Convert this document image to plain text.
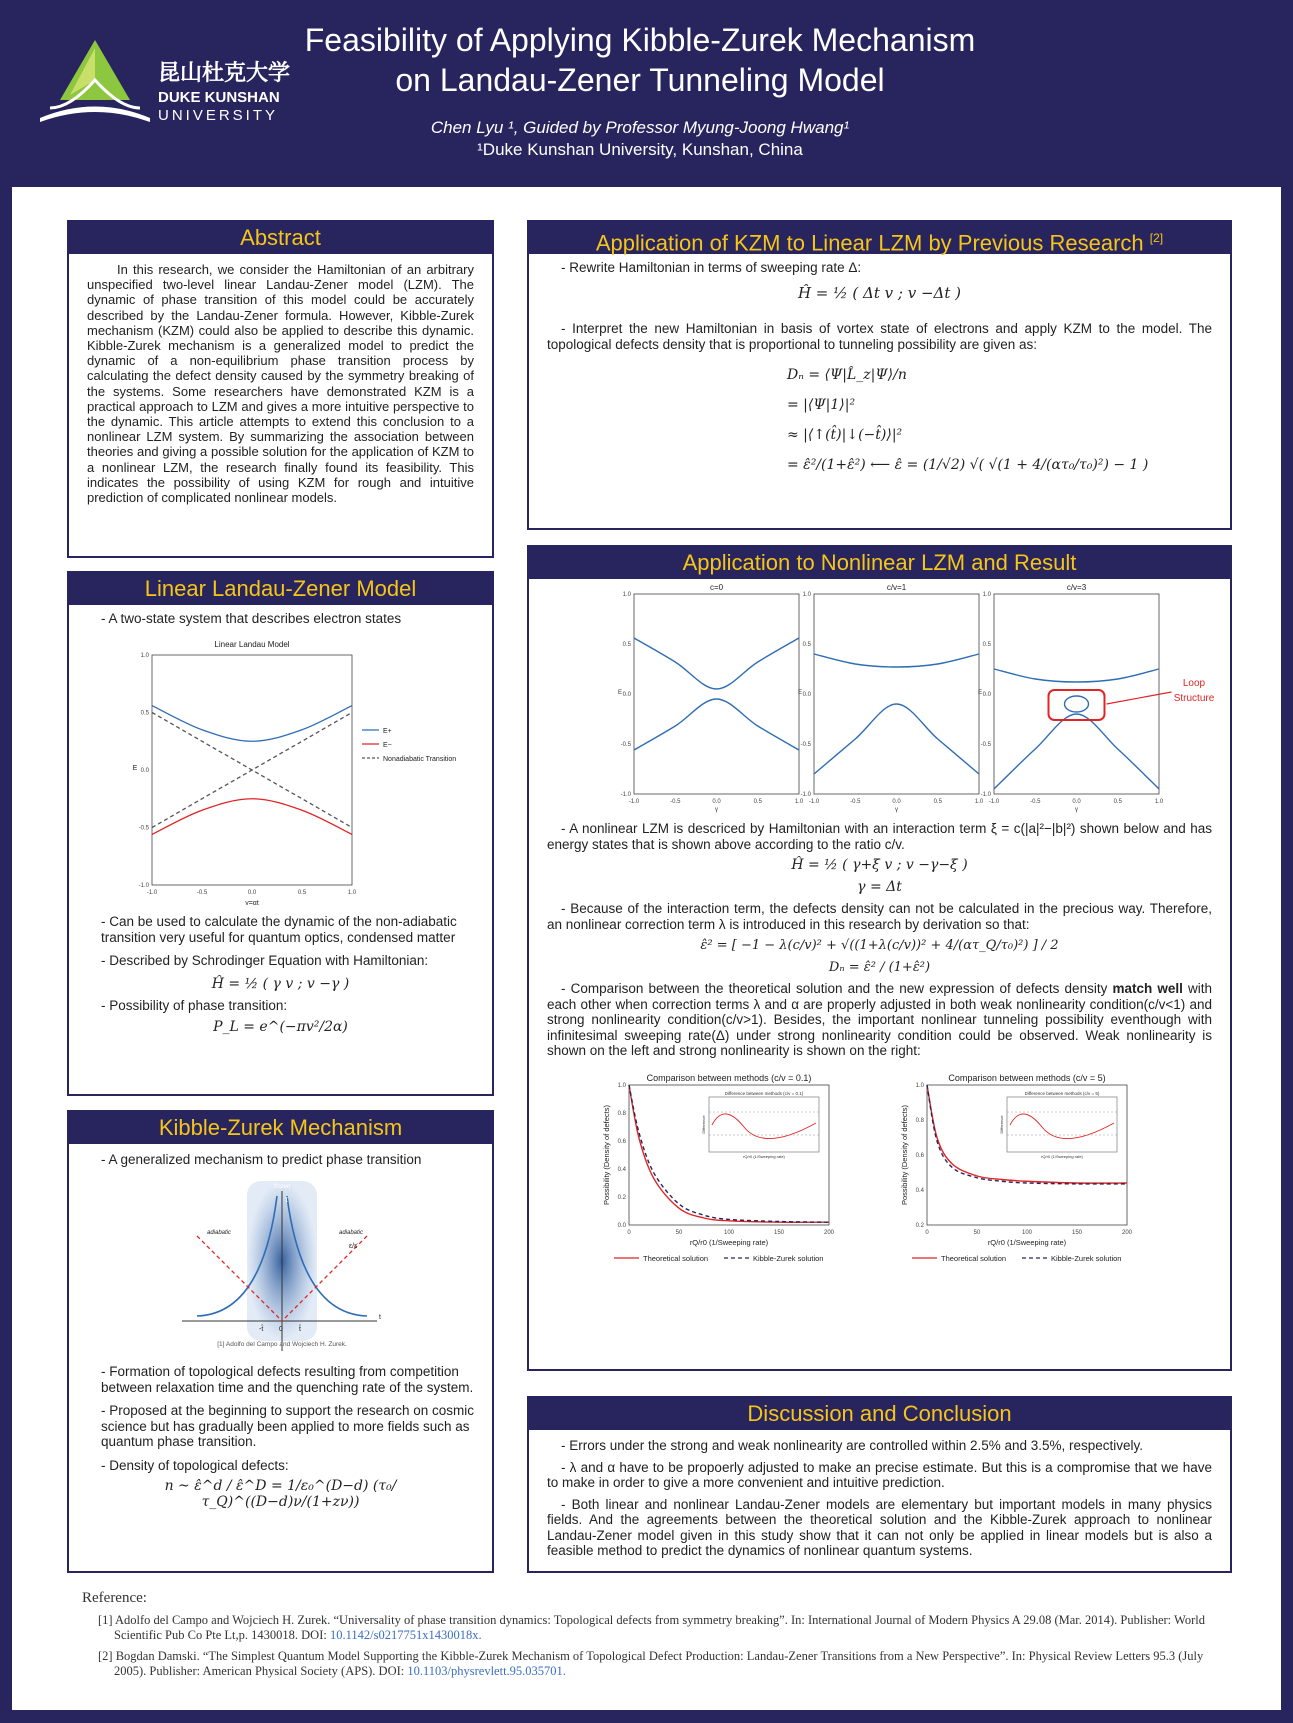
昆山杜克大学
DUKE KUNSHAN
UNIVERSITY
Feasibility of Applying Kibble-Zurek Mechanism
on Landau-Zener Tunneling Model
Chen Lyu ¹, Guided by Professor Myung-Joong Hwang¹
¹Duke Kunshan University, Kunshan, China
Abstract
In this research, we consider the Hamiltonian of an arbitrary unspecified two-level linear Landau-Zener model (LZM). The dynamic of phase transition of this model could be accurately described by the Landau-Zener formula. However, Kibble-Zurek mechanism (KZM) could also be applied to describe this dynamic. Kibble-Zurek mechanism is a generalized model to predict the dynamic of a non-equilibrium phase transition process by calculating the defect density caused by the symmetry breaking of the systems. Some researchers have demonstrated KZM is a practical approach to LZM and gives a more intuitive perspective to the dynamic. This article attempts to extend this conclusion to a nonlinear LZM system. By summarizing the association between theories and giving a possible solution for the application of KZM to a nonlinear LZM, the research finally found its feasibility. This indicates the possibility of using KZM for rough and intuitive prediction of complicated nonlinear models.
Linear Landau-Zener Model

- A two-state system that describes electron states

Linear Landau Model
-1.0	-0.5	0.0	0.5	1.0
-1.0
-0.5
0.0
0.5
1.0
γ=αt
E
E+
E−
Nonadiabatic Transition

- Can be used to calculate the dynamic of the non-adiabatic transition very useful for quantum optics, condensed matter

- Described by Schrodinger Equation with Hamiltonian:

Ĥ = ½ ( γ v ; v −γ )

- Possibility of phase transition:

P_L = e^(−πv²/2α)
Kibble-Zurek Mechanism

- A generalized mechanism to predict phase transition

frozen
adiabatic	adiabatic
τ
ε/ε̇
t
-t̂ 0 t̂
[1] Adolfo del Campo and Wojciech H. Zurek.

- Formation of topological defects resulting from competition between relaxation time and the quenching rate of the system.

- Proposed at the beginning to support the research on cosmic science but has gradually been applied to more fields such as quantum phase transition.

- Density of topological defects:

n ~ ε̂^d / ε̂^D = 1/ε₀^(D−d) (τ₀/τ_Q)^((D−d)ν/(1+zν))
Application of KZM to Linear LZM by Previous Research [2]

- Rewrite Hamiltonian in terms of sweeping rate Δ:

Ĥ = ½ ( Δt v ; v −Δt )

- Interpret the new Hamiltonian in basis of vortex state of electrons and apply KZM to the model. The topological defects density that is proportional to tunneling possibility are given as:

Dₙ = ⟨Ψ|L̂_z|Ψ⟩/n
= |⟨Ψ|1⟩|²
≈ |⟨↑(t̂)|↓(−t̂)⟩|²
= ε̂²/(1+ε̂²) ⟵ ε̂ = (1/√2) √( √(1 + 4/(ατ₀/τ₀)²) − 1 )
Application to Nonlinear LZM and Result
c=0
-1.0	-0.5	0.0	0.5	1.0
-1.0
-0.5
0.0
0.5
1.0
γ
E
c/v=1
-1.0	-0.5	0.0	0.5	1.0
-1.0
-0.5
0.0
0.5
1.0
γ
E
c/v=3
-1.0	-0.5	0.0	0.5	1.0
-1.0
-0.5
0.0
0.5
1.0
γ
E
Loop
Structure

- A nonlinear LZM is descriced by Hamiltonian with an interaction term ξ = c(|a|²−|b|²) shown below and has energy states that is shown above according to the ratio c/v.

Ĥ = ½ ( γ+ξ v ; v −γ−ξ )
γ = Δt

- Because of the interaction term, the defects density can not be calculated in the precious way. Therefore, an nonlinear correction term λ is introduced in this research by derivation so that:

ε̂² = [ −1 − λ(c/v)² + √((1+λ(c/v))² + 4/(ατ_Q/τ₀)²) ] / 2
Dₙ = ε̂² / (1+ε̂²)

- Comparison between the theoretical solution and the new expression of defects density match well with each other when correction terms λ and α are properly adjusted in both weak nonlinearity condition(c/v<1) and strong nonlinearity condition(c/v>1). Besides, the important nonlinear tunneling possibility eventhough with infinitesimal sweeping rate(Δ) under strong nonlinearity condition could be observed. Weak nonlinearity is shown on the left and strong nonlinearity is shown on the right:

Comparison between methods (c/v = 0.1)
0	50	100	150	200
0.0
0.2
0.4
0.6
0.8
1.0
rQ/r0 (1/Sweeping rate)
Possibility (Density of defects)
Difference between methods (c/v = 0.1)
rQ/r0 (1/Sweeping rate)
Difference
Theoretical solution	Kibble-Zurek solution
Comparison between methods (c/v = 5)
0	50	100	150	200
0.2
0.4
0.6
0.8
1.0
rQ/r0 (1/Sweeping rate)
Possibility (Density of defects)
Difference between methods (c/v = 5)
rQ/r0 (1/Sweeping rate)
Difference
Theoretical solution	Kibble-Zurek solution
Discussion and Conclusion

- Errors under the strong and weak nonlinearity are controlled within 2.5% and 3.5%, respectively.

- λ and α have to be propoerly adjusted to make an precise estimate. But this is a compromise that we have to make in order to give a more convenient and intuitive prediction.

- Both linear and nonlinear Landau-Zener models are elementary but important models in many physics fields. And the agreements between the theoretical solution and the Kibble-Zurek approach to nonlinear Landau-Zener model given in this study show that it can not only be applied in linear models but is also a feasible method to predict the dynamics of nonlinear quantum systems.

Reference:
[1] Adolfo del Campo and Wojciech H. Zurek. “Universality of phase transition dynamics: Topological defects from symmetry breaking”. In: International Journal of Modern Physics A 29.08 (Mar. 2014). Publisher: World Scientific Pub Co Pte Lt,p. 1430018. DOI: 10.1142/s0217751x1430018x.
[2] Bogdan Damski. “The Simplest Quantum Model Supporting the Kibble-Zurek Mechanism of Topological Defect Production: Landau-Zener Transitions from a New Perspective”. In: Physical Review Letters 95.3 (July 2005). Publisher: American Physical Society (APS). DOI: 10.1103/physrevlett.95.035701.
